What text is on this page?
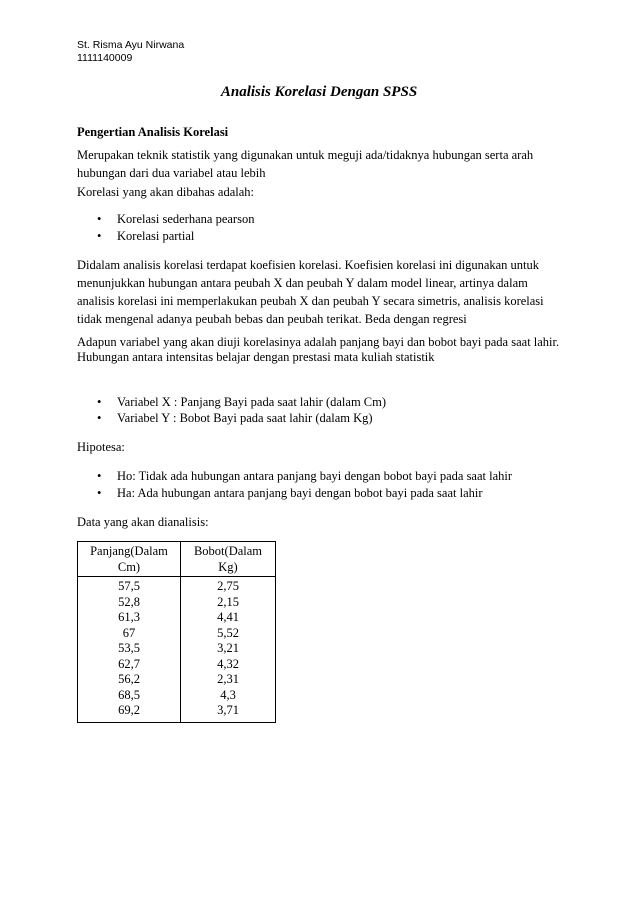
St. Risma Ayu Nirwana
1111140009
Analisis Korelasi Dengan SPSS
Pengertian Analisis Korelasi
Merupakan teknik statistik yang digunakan untuk meguji ada/tidaknya hubungan serta arah hubungan dari dua variabel atau lebih
Korelasi yang akan dibahas adalah:
• Korelasi sederhana pearson
• Korelasi partial
Didalam analisis korelasi terdapat koefisien korelasi. Koefisien korelasi ini digunakan untuk menunjukkan hubungan antara peubah X dan peubah Y dalam model linear, artinya dalam analisis korelasi ini memperlakukan peubah X dan peubah Y secara simetris, analisis korelasi tidak mengenal adanya peubah bebas dan peubah terikat. Beda dengan regresi
Adapun variabel yang akan diuji korelasinya adalah panjang bayi dan bobot bayi pada saat lahir.
Hubungan antara intensitas belajar dengan prestasi mata kuliah statistik
• Variabel X : Panjang Bayi pada saat lahir (dalam Cm)
• Variabel Y : Bobot Bayi pada saat lahir (dalam Kg)
Hipotesa:
• Ho: Tidak ada hubungan antara panjang bayi dengan bobot bayi pada saat lahir
• Ha: Ada hubungan antara panjang bayi dengan bobot bayi pada saat lahir
Data yang akan dianalisis:
Panjang(Dalam Cm)	Bobot(Dalam Kg)
57,5	2,75
52,8	2,15
61,3	4,41
67	5,52
53,5	3,21
62,7	4,32
56,2	2,31
68,5	4,3
69,2	3,71
